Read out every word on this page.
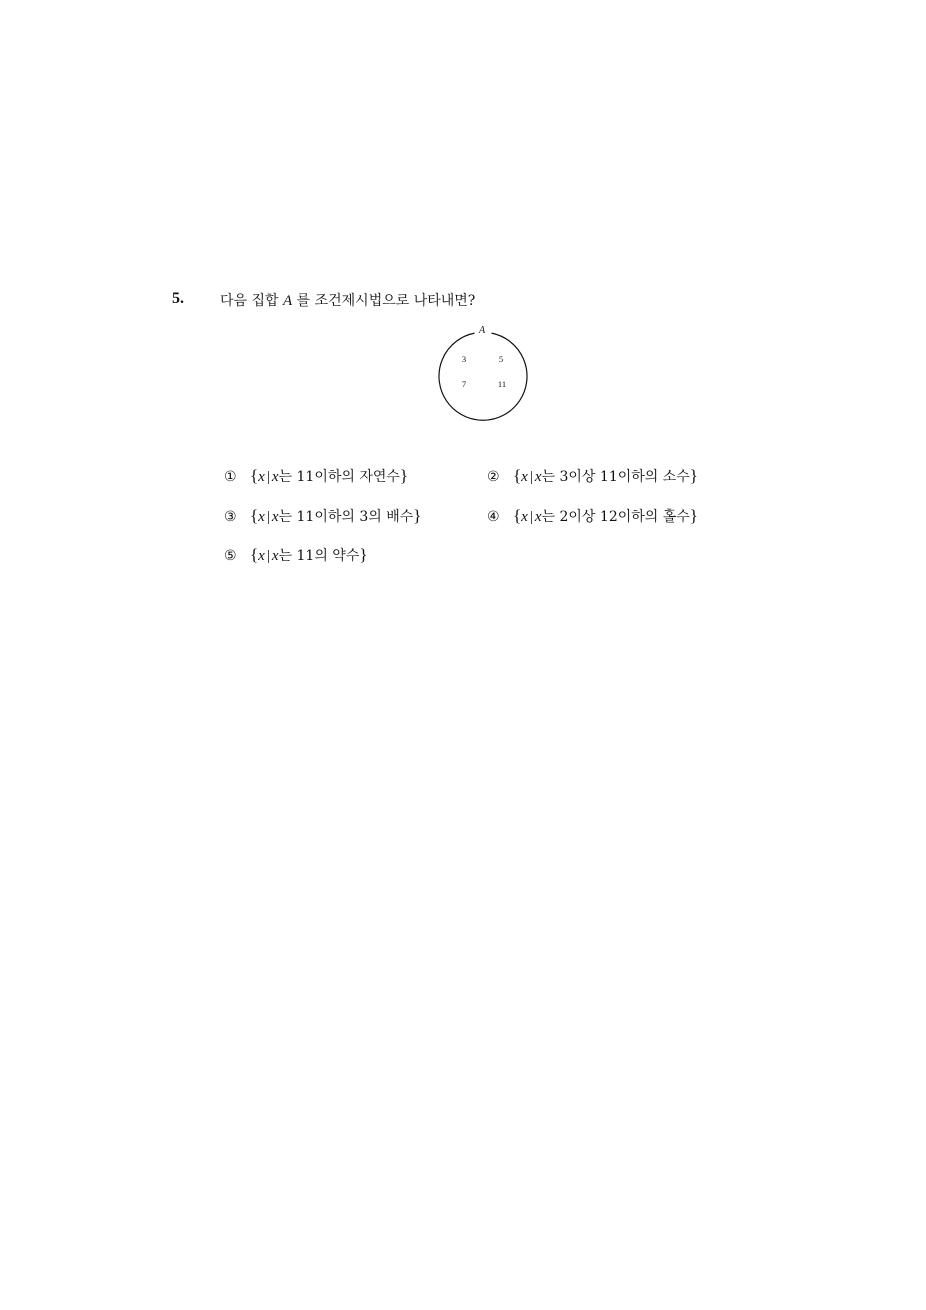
5.	다음 집합 A 를 조건제시법으로 나타내면?
A
3	5
7	11
① {x | x는 11이하의 자연수}	② {x | x는 3이상 11이하의 소수}
③ {x | x는 11이하의 3의 배수}	④ {x | x는 2이상 12이하의 홀수}
⑤ {x | x는 11의 약수}
